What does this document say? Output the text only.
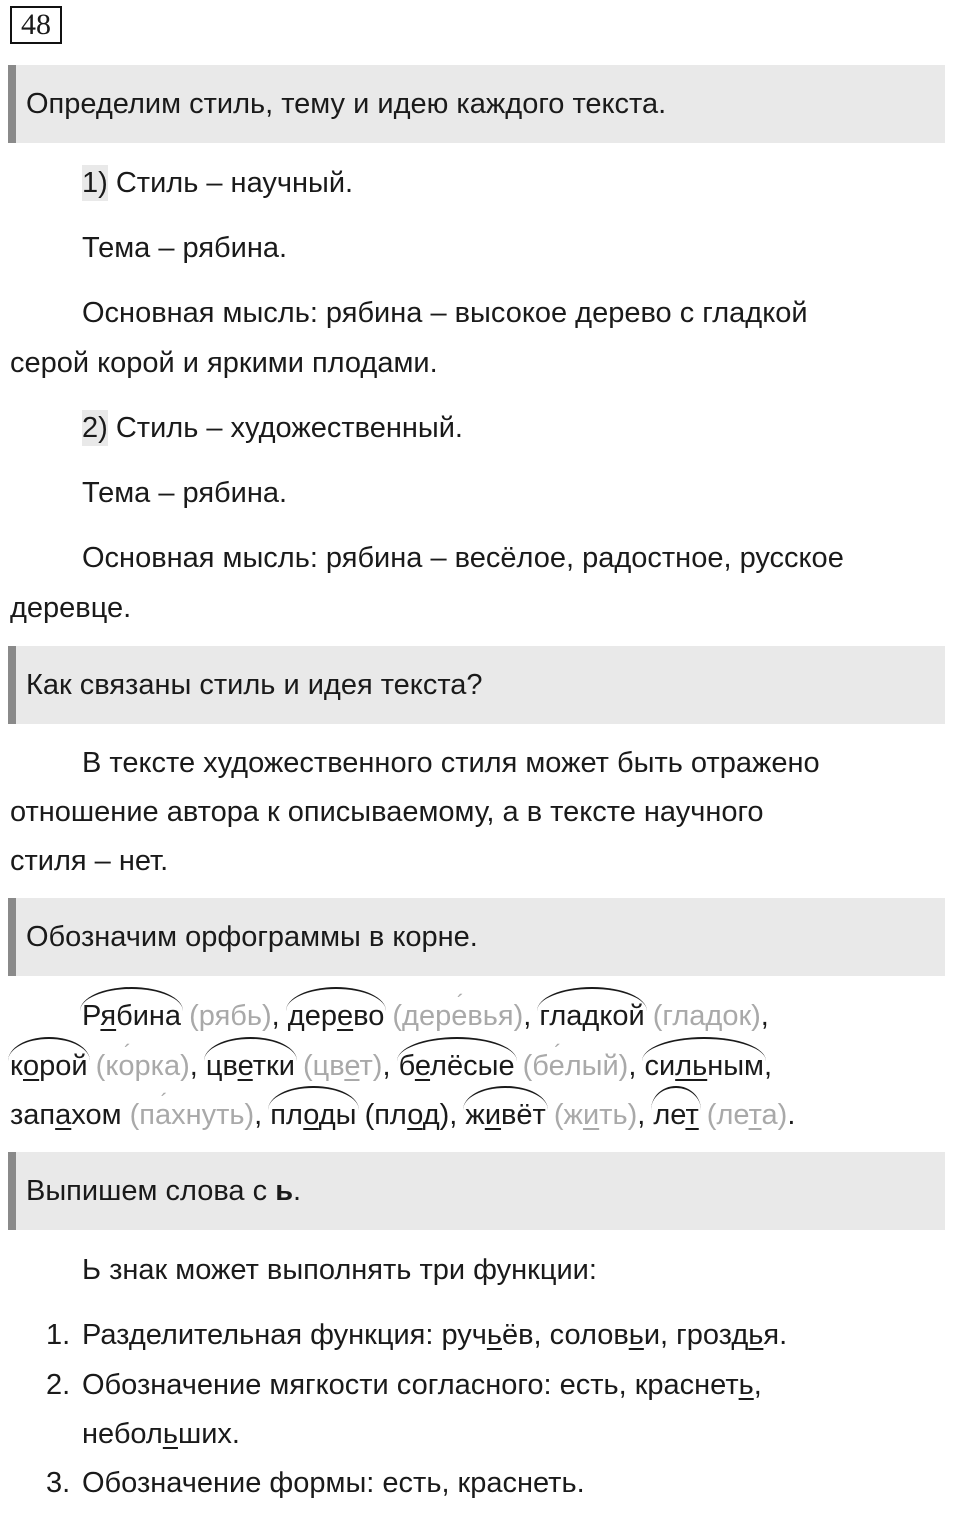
48
Определим стиль, тему и идею каждого текста.
1) Стиль – научный.
Тема – рябина.
Основная мысль: рябина – высокое дерево с гладкой
серой корой и яркими плодами.
2) Стиль – художественный.
Тема – рябина.
Основная мысль: рябина – весёлое, радостное, русское
деревце.
Как связаны стиль и идея текста?
В тексте художественного стиля может быть отражено
отношение автора к описываемому, а в тексте научного
стиля – нет.
Обозначим орфограммы в корне.
Рябина (рябь), дерево (дере ´вья), гладкой (гладок),
корой (ко ´рка), цветки (цвет), белёсые (бе ´лый), сильным,
запахом (па ´хнуть), плоды (плод), живёт (жить), лет (лета).
Выпишем слова с ь.
Ь знак может выполнять три функции:
1. Разделительная функция: ручьёв, соловьи, гроздья.
2. Обозначение мягкости согласного: есть, краснеть,
небольших.
3. Обозначение формы: есть, краснеть.
